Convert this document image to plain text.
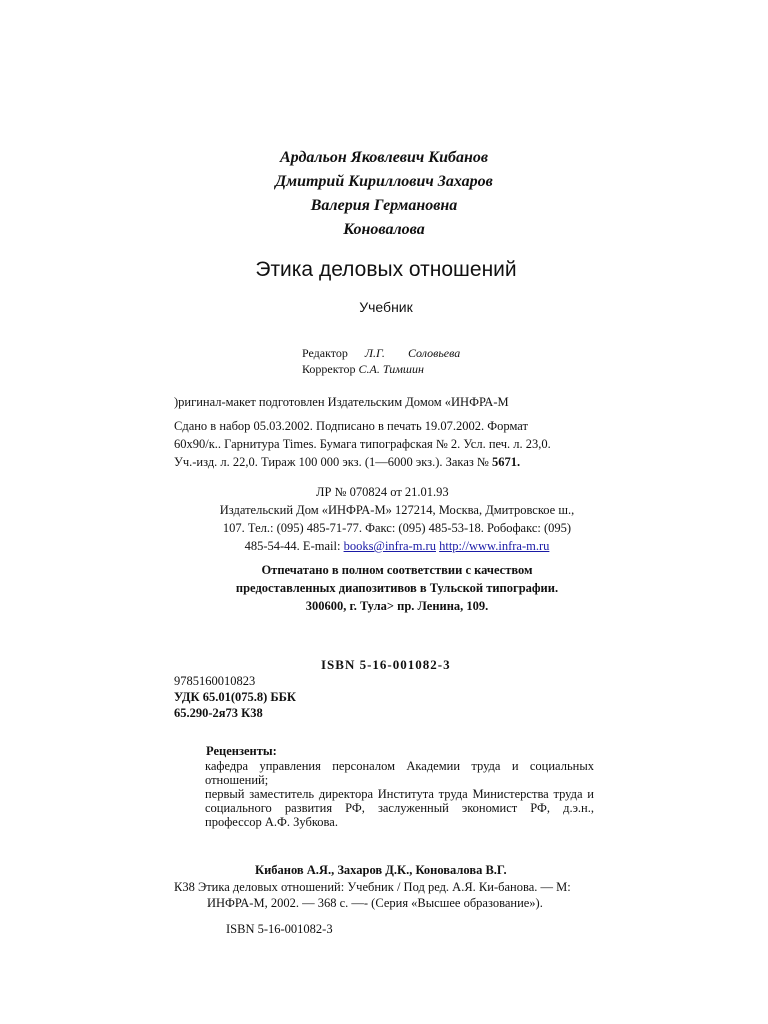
Ардальон Яковлевич Кибанов
Дмитрий Кириллович Захаров
Валерия Германовна
Коновалова
Этика деловых отношений
Учебник
Редактор Л.Г. Соловьева
Корректор С.А. Тимшин
)ригинал-макет подготовлен Издательским Домом «ИНФРА-М
Сдано в набор 05.03.2002. Подписано в печать 19.07.2002. Формат
60x90/к.. Гарнитура Times. Бумага типографская № 2. Усл. печ. л. 23,0.
Уч.-изд. л. 22,0. Тираж 100 000 экз. (1—6000 экз.). Заказ № 5671.
ЛР № 070824 от 21.01.93
Издательский Дом «ИНФРА-М» 127214, Москва, Дмитровское ш.,
107. Тел.: (095) 485-71-77. Факс: (095) 485-53-18. Робофакс: (095)
485-54-44. E-mail: books@infra-m.ru http://www.infra-m.ru
Отпечатано в полном соответствии с качеством
предоставленных диапозитивов в Тульской типографии.
300600, г. Тула> пр. Ленина, 109.
ISBN 5-16-001082-3
9785160010823
УДК 65.01(075.8) ББК
65.290-2я73 К38
Рецензенты:
кафедра управления персоналом Академии труда и социальных отношений;
первый заместитель директора Института труда Министерства труда и социального развития РФ, заслуженный экономист РФ, д.э.н., профессор А.Ф. Зубкова.
Кибанов А.Я., Захаров Д.К., Коновалова В.Г.
К38 Этика деловых отношений: Учебник / Под ред. А.Я. Ки-банова. — М:
ИНФРА-М, 2002. — 368 с. —- (Серия «Высшее образование»).
ISBN 5-16-001082-3
